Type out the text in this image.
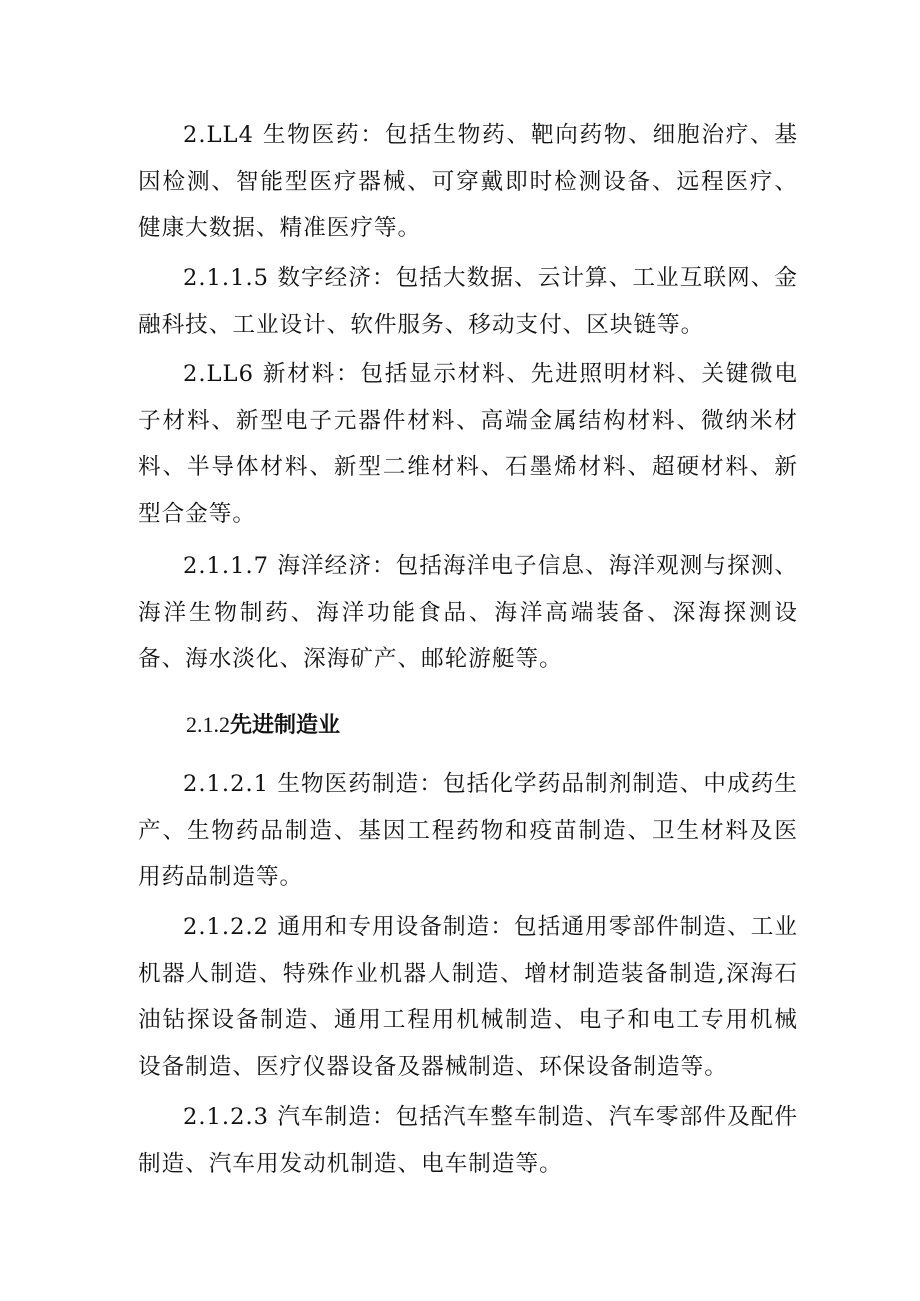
2.LL4 生物医药：包括生物药、靶向药物、细胞治疗、基因检测、智能型医疗器械、可穿戴即时检测设备、远程医疗、健康大数据、精准医疗等。

2.1.1.5 数字经济：包括大数据、云计算、工业互联网、金融科技、工业设计、软件服务、移动支付、区块链等。

2.LL6 新材料：包括显示材料、先进照明材料、关键微电子材料、新型电子元器件材料、高端金属结构材料、微纳米材料、半导体材料、新型二维材料、石墨烯材料、超硬材料、新型合金等。

2.1.1.7 海洋经济：包括海洋电子信息、海洋观测与探测、海洋生物制药、海洋功能食品、海洋高端装备、深海探测设备、海水淡化、深海矿产、邮轮游艇等。

2.1.2先进制造业

2.1.2.1 生物医药制造：包括化学药品制剂制造、中成药生产、生物药品制造、基因工程药物和疫苗制造、卫生材料及医用药品制造等。

2.1.2.2 通用和专用设备制造：包括通用零部件制造、工业机器人制造、特殊作业机器人制造、增材制造装备制造,深海石油钻探设备制造、通用工程用机械制造、电子和电工专用机械设备制造、医疗仪器设备及器械制造、环保设备制造等。

2.1.2.3 汽车制造：包括汽车整车制造、汽车零部件及配件制造、汽车用发动机制造、电车制造等。
